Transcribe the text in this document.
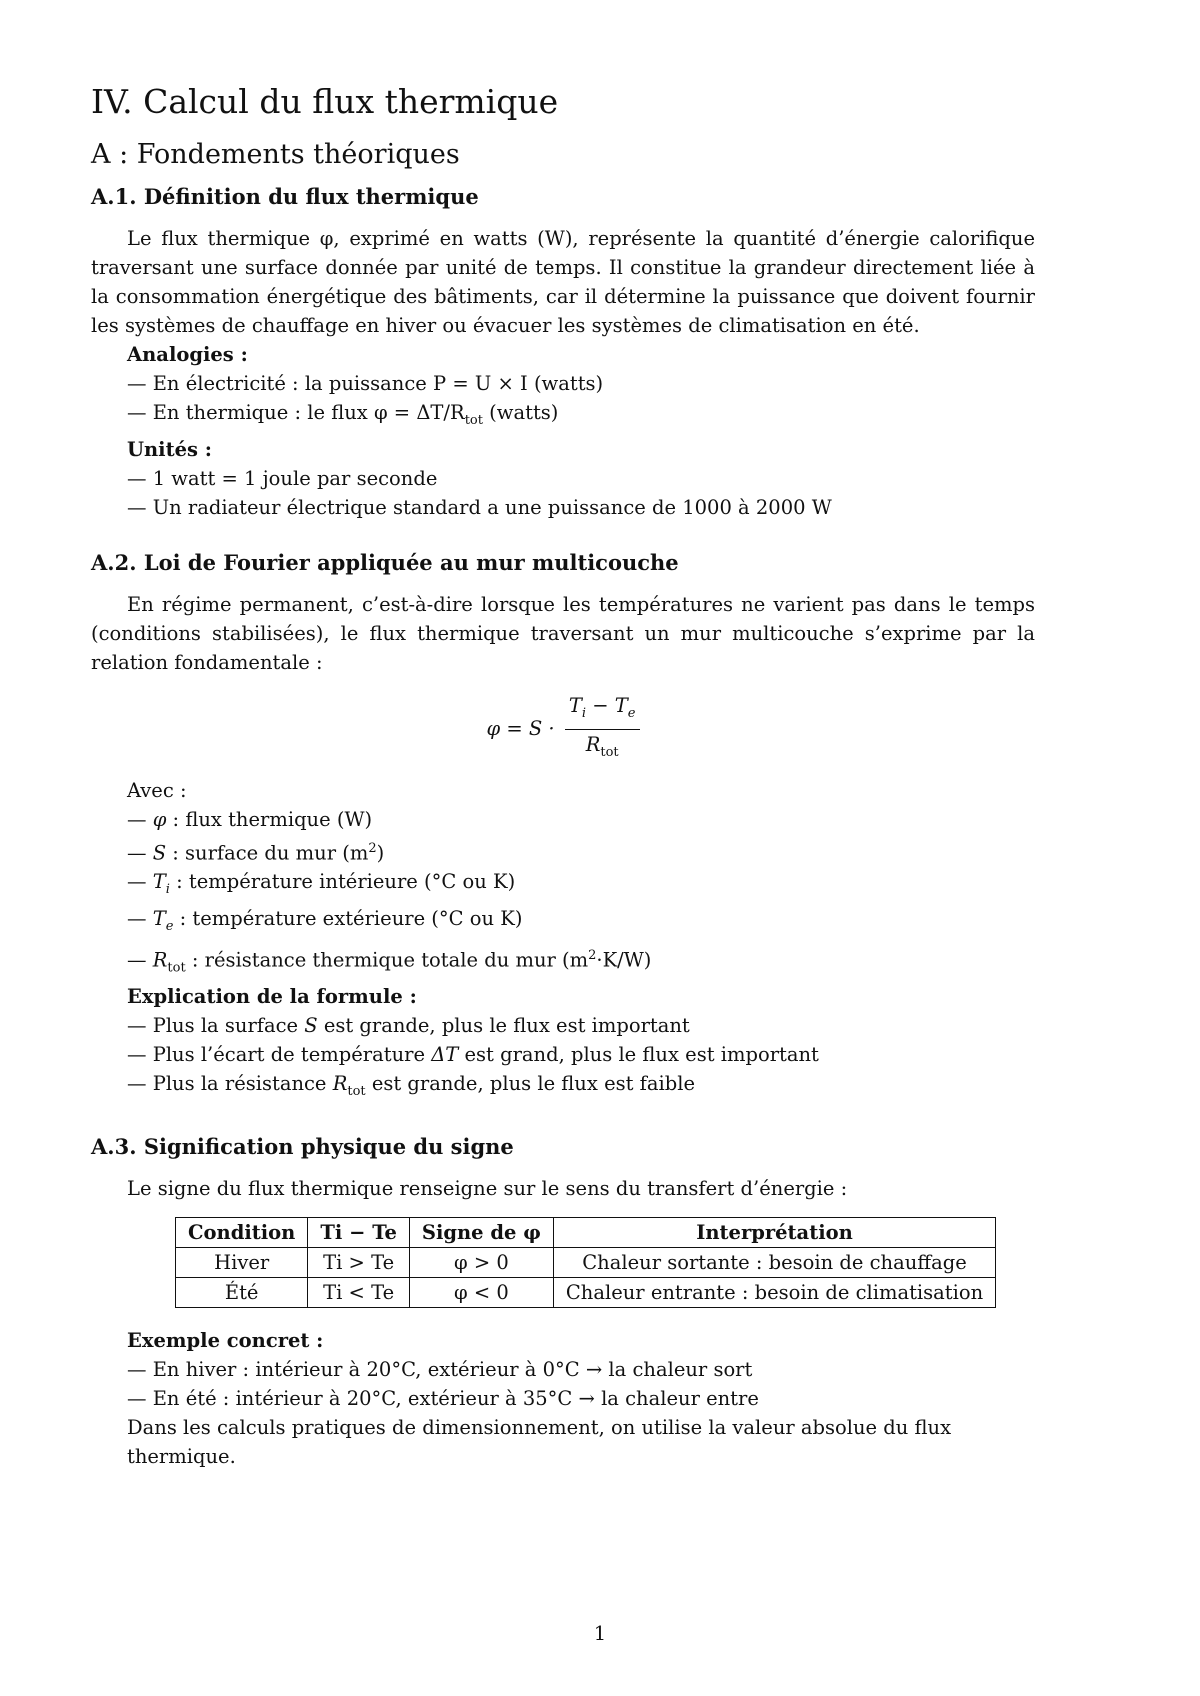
IV. Calcul du flux thermique
A : Fondements théoriques
A.1. Définition du flux thermique

Le flux thermique φ, exprimé en watts (W), représente la quantité d’énergie calorifique traversant une surface donnée par unité de temps. Il constitue la grandeur directement liée à la consommation énergétique des bâtiments, car il détermine la puissance que doivent fournir les systèmes de chauffage en hiver ou évacuer les systèmes de climatisation en été.

Analogies :
— En électricité : la puissance P = U × I (watts)
— En thermique : le flux $\varphi = \Delta T/R_{tot}$ (watts)
Unités :
— 1 watt = 1 joule par seconde
— Un radiateur électrique standard a une puissance de 1000 à 2000 W
A.2. Loi de Fourier appliquée au mur multicouche

En régime permanent, c’est-à-dire lorsque les températures ne varient pas dans le temps (conditions stabilisées), le flux thermique traversant un mur multicouche s’exprime par la relation fondamentale :

$\varphi = S \cdot \frac{T_i - T_e}{R_{tot}}$
Avec :
— φ : flux thermique (W)
— S : surface du mur $(m^2)$
— $T_i$ : température intérieure (°C ou K)
— $T_e$ : température extérieure (°C ou K)
— $R_{tot}$ : résistance thermique totale du mur $(m^2\cdot K/W)$
Explication de la formule :
— Plus la surface S est grande, plus le flux est important
— Plus l’écart de température ΔT est grand, plus le flux est important
— Plus la résistance $R_{tot}$ est grande, plus le flux est faible
A.3. Signification physique du signe

Le signe du flux thermique renseigne sur le sens du transfert d’énergie :

Condition	Ti − Te	Signe de φ	Interprétation
Hiver	Ti > Te	φ > 0	Chaleur sortante : besoin de chauffage
Été	Ti < Te	φ < 0	Chaleur entrante : besoin de climatisation
Exemple concret :
— En hiver : intérieur à 20°C, extérieur à 0°C → la chaleur sort
— En été : intérieur à 20°C, extérieur à 35°C → la chaleur entre
Dans les calculs pratiques de dimensionnement, on utilise la valeur absolue du flux thermique.
1
